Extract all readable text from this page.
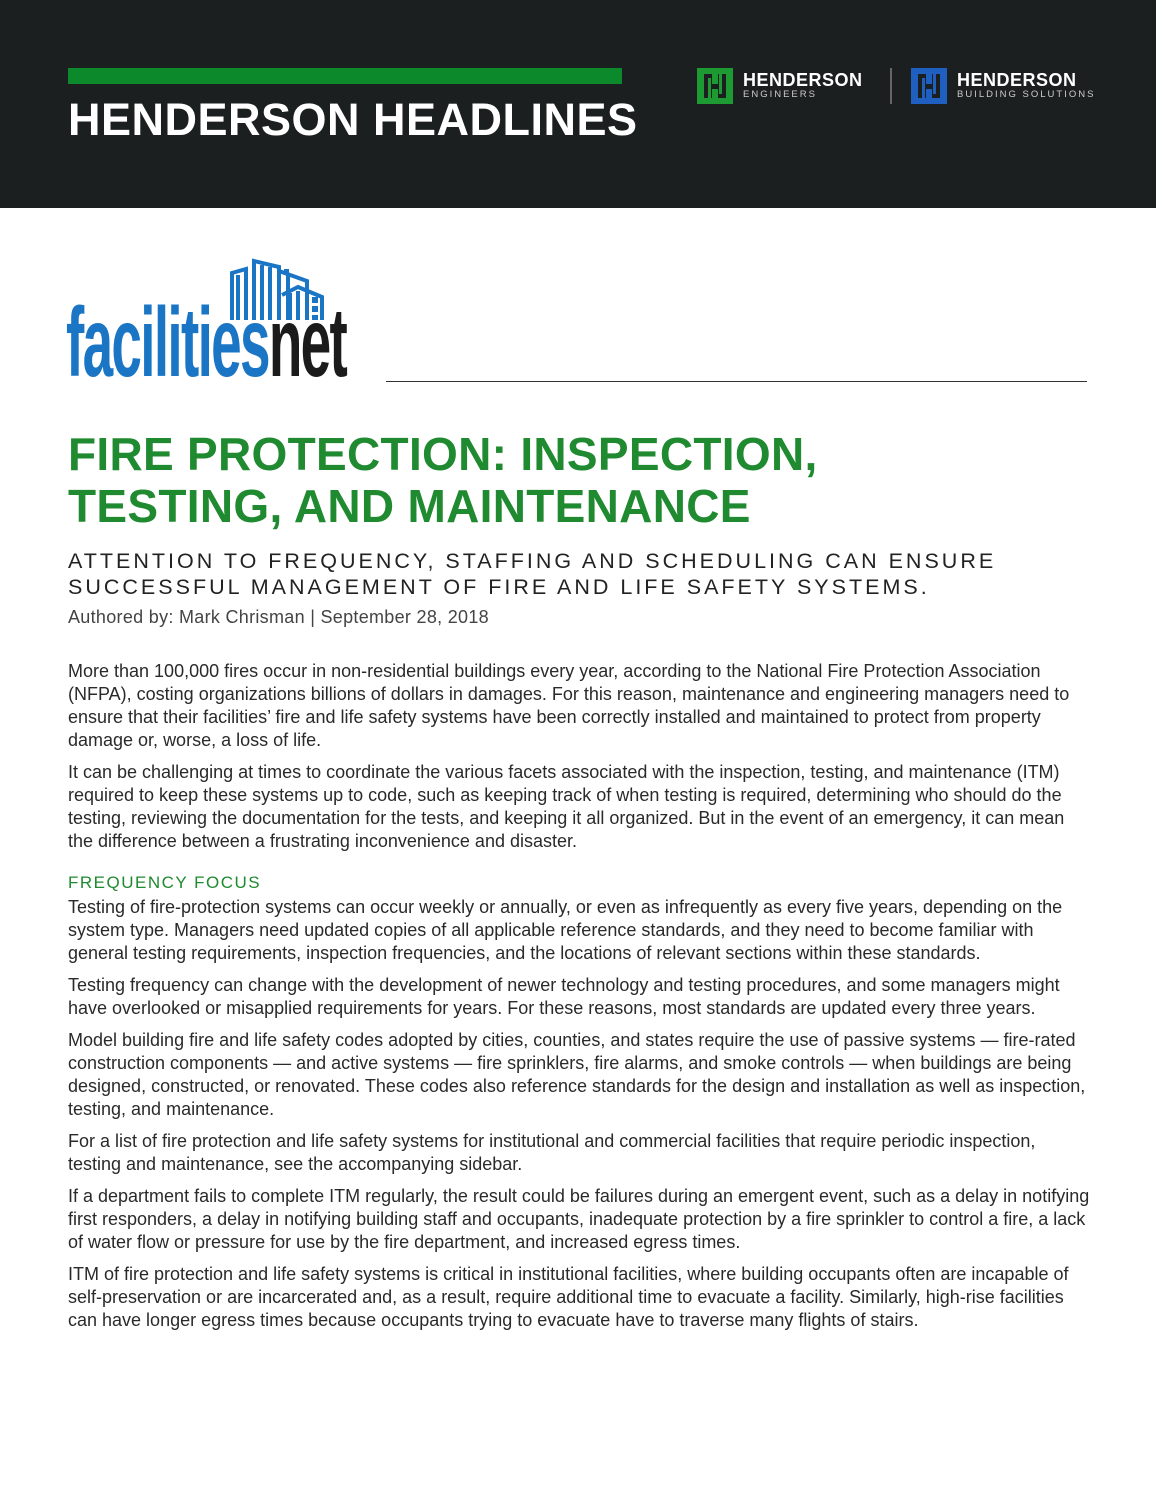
HENDERSON HEADLINES
HENDERSON
ENGINEERS
HENDERSON
BUILDING SOLUTIONS
facilitiesnet
FIRE PROTECTION: INSPECTION,
TESTING, AND MAINTENANCE
ATTENTION TO FREQUENCY, STAFFING AND SCHEDULING CAN ENSURE SUCCESSFUL MANAGEMENT OF FIRE AND LIFE SAFETY SYSTEMS.
Authored by: Mark Chrisman | September 28, 2018

More than 100,000 fires occur in non-residential buildings every year, according to the National Fire Protection Association (NFPA), costing organizations billions of dollars in damages. For this reason, maintenance and engineering managers need to ensure that their facilities’ fire and life safety systems have been correctly installed and maintained to protect from property damage or, worse, a loss of life.

It can be challenging at times to coordinate the various facets associated with the inspection, testing, and maintenance (ITM) required to keep these systems up to code, such as keeping track of when testing is required, determining who should do the testing, reviewing the documentation for the tests, and keeping it all organized. But in the event of an emergency, it can mean the difference between a frustrating inconvenience and disaster.

FREQUENCY FOCUS

Testing of fire-protection systems can occur weekly or annually, or even as infrequently as every five years, depending on the system type. Managers need updated copies of all applicable reference standards, and they need to become familiar with general testing requirements, inspection frequencies, and the locations of relevant sections within these standards.

Testing frequency can change with the development of newer technology and testing procedures, and some managers might have overlooked or misapplied requirements for years. For these reasons, most standards are updated every three years.

Model building fire and life safety codes adopted by cities, counties, and states require the use of passive systems — fire-rated construction components — and active systems — fire sprinklers, fire alarms, and smoke controls — when buildings are being designed, constructed, or renovated. These codes also reference standards for the design and installation as well as inspection, testing, and maintenance.

For a list of fire protection and life safety systems for institutional and commercial facilities that require periodic inspection, testing and maintenance, see the accompanying sidebar.

If a department fails to complete ITM regularly, the result could be failures during an emergent event, such as a delay in notifying first responders, a delay in notifying building staff and occupants, inadequate protection by a fire sprinkler to control a fire, a lack of water flow or pressure for use by the fire department, and increased egress times.

ITM of fire protection and life safety systems is critical in institutional facilities, where building occupants often are incapable of self-preservation or are incarcerated and, as a result, require additional time to evacuate a facility. Similarly, high-rise facilities can have longer egress times because occupants trying to evacuate have to traverse many flights of stairs.
